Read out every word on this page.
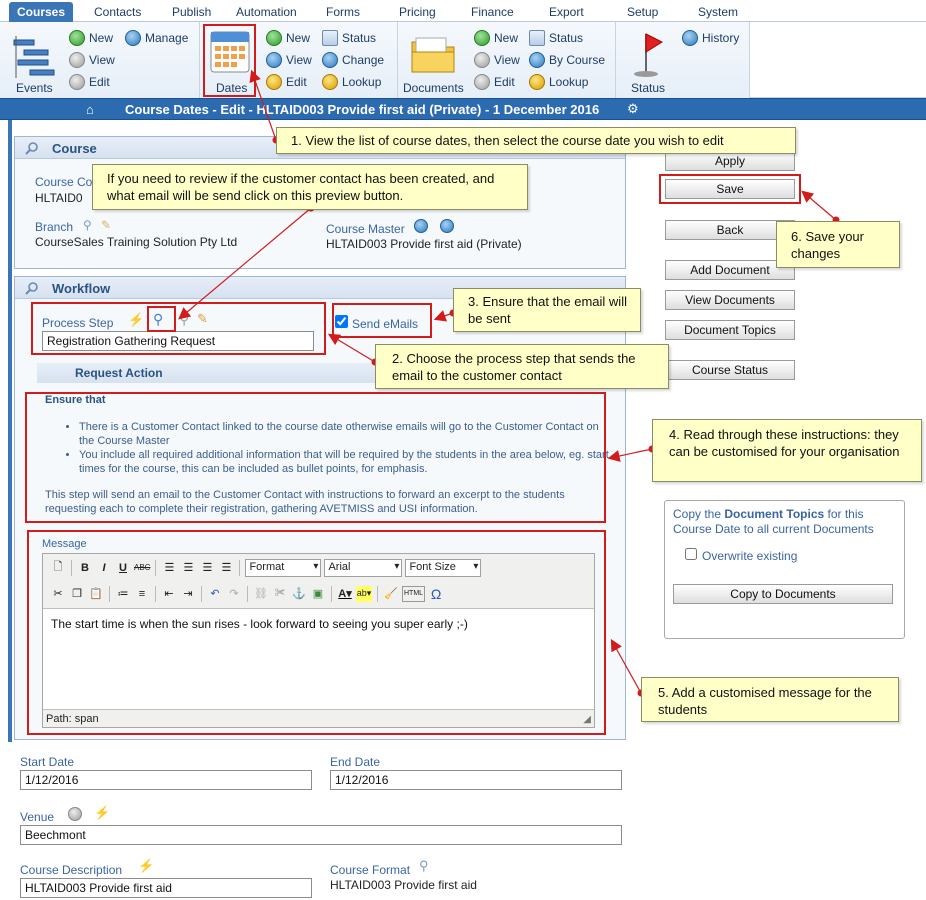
Courses	Contacts	Publish Automation Forms	Pricing	Finance	Export	Setup	System
Events
New	Manage
View
Edit	Dates
New	Status
View	Change
Edit	Lookup Documents
New	Status
View By Course
Edit	Lookup	Status
History
⌂ Course Dates - Edit - HLTAID003 Provide first aid (Private) - 1 December 2016 ⚙
Course
Course Co
HLTAID0
Branch ⚲ ✎
CourseSales Training Solution Pty Ltd
Course Master
HLTAID003 Provide first aid (Private)
Workflow
Process Step ⚡ ⚲ ⚲ ✎
Registration Gathering Request
Send eMails
Request Action
Ensure that
• There is a Customer Contact linked to the course date otherwise emails will go to the Customer Contact on the Course Master
• You include all required additional information that will be required by the students in the area below, eg. start times for the course, this can be included as bullet points, for emphasis.
This step will send an email to the Customer Contact with instructions to forward an excerpt to the students requesting each to complete their registration, gathering AVETMISS and USI information.
Message
🗋	B	I	U ABC ☰ ☰ ☰ ☰	Format ▾	Arial ▾	Font Size ▾
✂ ❐ 📋 ≔ ≡	⇤ ⇥	↶ ↷	⛓ ✀ ⚓ ▣ A▾ ab▾ 🧹 HTML Ω
The start time is when the sun rises - look forward to seeing you super early ;-)
Path: span	◢
Apply
Save
Back
Add Document
View Documents
Document Topics
Course Status
Copy the Document Topics for this Course Date to all current Documents
Overwrite existing
Copy to Documents
Start Date
1/12/2016
End Date
1/12/2016
Venue	⚡
Beechmont
Course Description ⚡
HLTAID003 Provide first aid
Course Format ⚲
HLTAID003 Provide first aid
1. View the list of course dates, then select the course date you wish to edit
If you need to review if the customer contact has been created, and what email will be send click on this preview button.
3. Ensure that the email will be sent
2. Choose the process step that sends the email to the customer contact
4. Read through these instructions: they can be customised for your organisation
5. Add a customised message for the students
6. Save your changes
